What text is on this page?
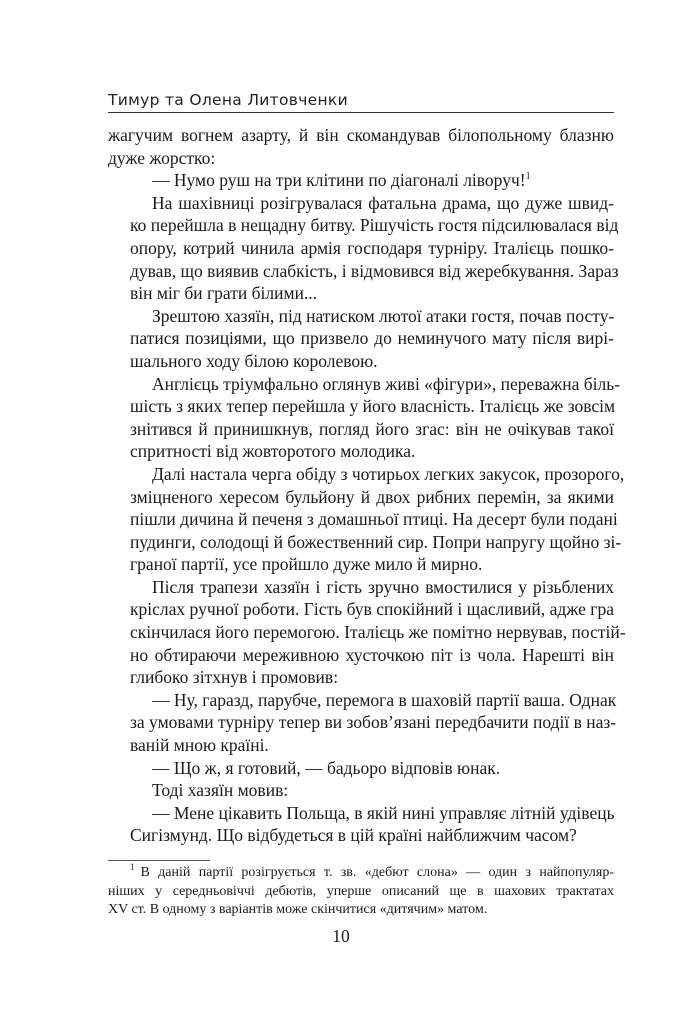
Тимур та Олена Литовченки

жагучим вогнем азарту, й він скомандував білопольному блазню
дуже жорстко:

— Нумо руш на три клітини по діагоналі ліворуч!$^1$

На шахівниці розігрувалася фатальна драма, що дуже швид-
ко перейшла в нещадну битву. Рішучість гостя підсилювалася від
опору, котрий чинила армія господаря турніру. Італієць пошко-
дував, що виявив слабкість, і відмовився від жеребкування. Зараз
він міг би грати білими...

Зрештою хазяїн, під натиском лютої атаки гостя, почав посту-
патися позиціями, що призвело до неминучого мату після вирі-
шального ходу білою королевою.

Англієць тріумфально оглянув живі «фігури», переважна біль-
шість з яких тепер перейшла у його власність. Італієць же зовсім
знітився й принишкнув, погляд його згас: він не очікував такої
спритності від жовторотого молодика.

Далі настала черга обіду з чотирьох легких закусок, прозорого,
зміцненого хересом бульйону й двох рибних перемін, за якими
пішли дичина й печеня з домашньої птиці. На десерт були подані
пудинги, солодощі й божественний сир. Попри напругу щойно зі-
граної партії, усе пройшло дуже мило й мирно.

Після трапези хазяїн і гість зручно вмостилися у різьблених
кріслах ручної роботи. Гість був спокійний і щасливий, адже гра
скінчилася його перемогою. Італієць же помітно нервував, постій-
но обтираючи мереживною хусточкою піт із чола. Нарешті він
глибоко зітхнув і промовив:

— Ну, гаразд, парубче, перемога в шаховій партії ваша. Однак
за умовами турніру тепер ви зобов’язані передбачити події в наз-
ваній мною країні.

— Що ж, я готовий, — бадьоро відповів юнак.

Тоді хазяїн мовив:

— Мене цікавить Польща, в якій нині управляє літній удівець
Сигізмунд. Що відбудеться в цій країні найближчим часом?

$^1$ В даній партії розігрується т. зв. «дебют слона» — один з найпопуляр-
ніших у середньовіччі дебютів, уперше описаний ще в шахових трактатах
XV ст. В одному з варіантів може скінчитися «дитячим» матом.
10
